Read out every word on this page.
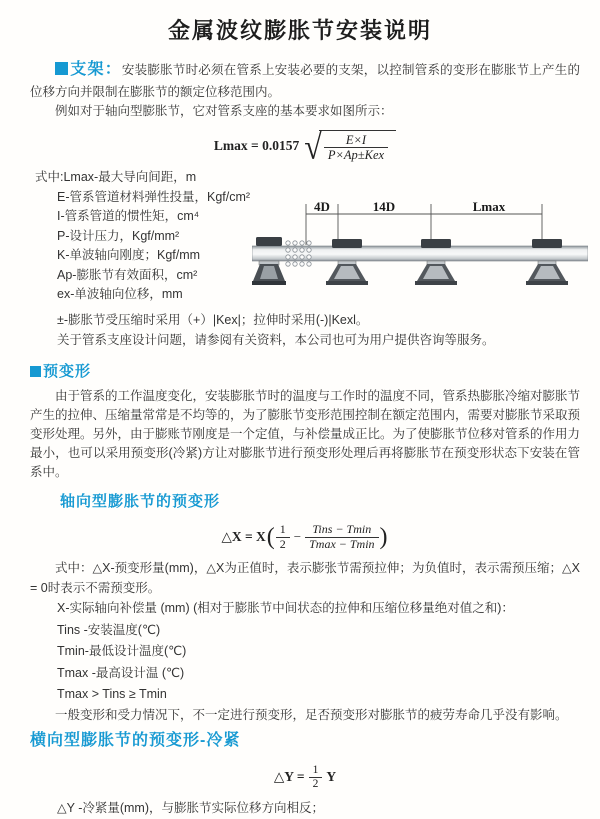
金属波纹膨胀节安装说明

支架：安装膨胀节时必须在管系上安装必要的支架，以控制管系的变形在膨胀节上产生的位移方向并限制在膨胀节的额定位移范围内。

例如对于轴向型膨胀节，它对管系支座的基本要求如图所示：

Lmax = 0.0157 √ $\frac{E\times I}{\text{P×Ap±Kex}}$
式中:Lmax-最大导向间距，m
E-管系管道材料弹性投量，Kgf/cm²
I-管系管道的惯性矩，cm⁴
P-设计压力，Kgf/mm²
K-单波轴向刚度；Kgf/mm
Ap-膨胀节有效面积，cm²
ex-单波轴向位移，mm
4D	14D	Lmax
±-膨胀节受压缩时采用（+）|Kex|；拉伸时采用(-)|Kexl。
关于管系支座设计问题，请参阅有关资料，本公司也可为用户提供咨询等服务。
预变形

由于管系的工作温度变化，安装膨胀节时的温度与工作时的温度不同，管系热膨胀冷缩对膨胀节产生的拉伸、压缩量常常是不均等的，为了膨胀节变形范围控制在额定范围内，需要对膨胀节采取预变形处理。另外，由于膨账节刚度是一个定值，与补偿量成正比。为了使膨胀节位移对管系的作用力最小，也可以采用预变形(冷紧)方让对膨胀节进行预变形处理后再将膨胀节在预变形状态下安装在管系中。

轴向型膨胀节的预变形
△X = X ( $\frac{1}{2} - \frac{\text{Tins − Tmin}}{Tmax - Tmin}$ )

式中：△X-预变形量(mm)，△X为正值时，表示膨张节需预拉伸；为负值时，表示需预压缩；△X = 0时表示不需预变形。

X-实际轴向补偿量 (mm) (相对于膨胀节中间状态的拉伸和压缩位移量绝对值之和)：
Tins -安装温度(℃)
Tmin-最低设计温度(℃)
Tmax -最高设计温 (℃)
Tmax > Tins ≥ Tmin

一般变形和受力情况下，不一定进行预变形，足否预变形对膨胀节的疲劳寿命几乎没有影响。

横向型膨胀节的预变形-冷紧
△Y = $\frac{1}{2}$ Y
△Y -冷紧量(mm)，与膨胀节实际位移方向相反；
